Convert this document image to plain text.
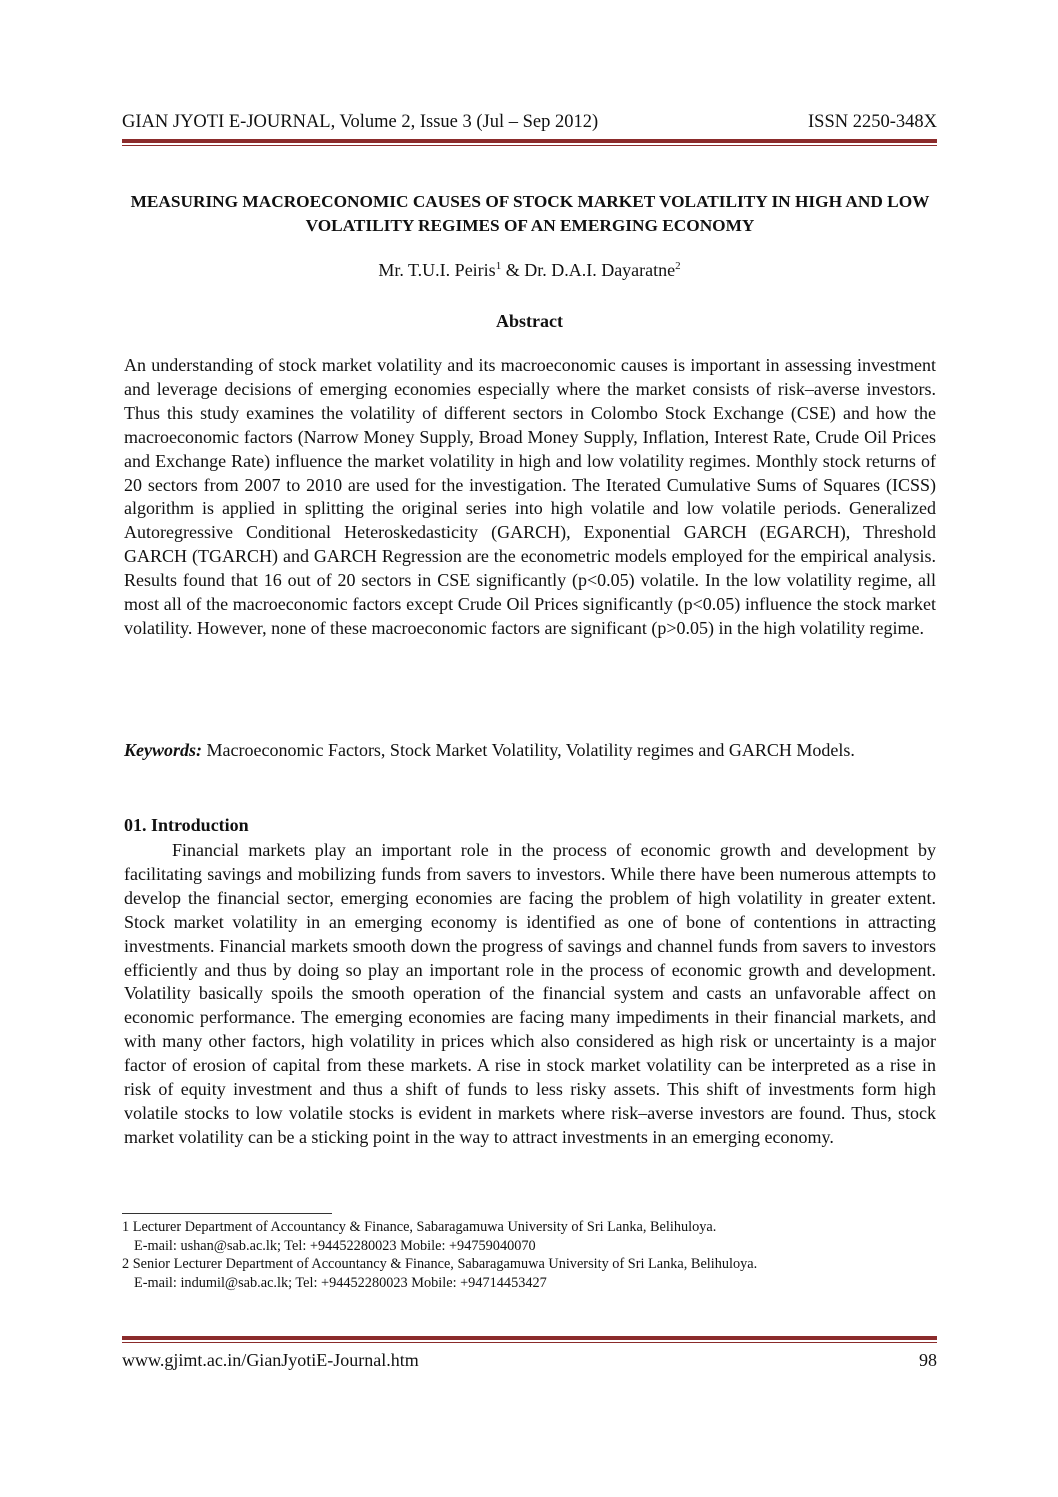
GIAN JYOTI E-JOURNAL, Volume 2, Issue 3 (Jul – Sep 2012)	ISSN 2250-348X
MEASURING MACROECONOMIC CAUSES OF STOCK MARKET VOLATILITY IN HIGH AND LOW VOLATILITY REGIMES OF AN EMERGING ECONOMY
Mr. T.U.I. Peiris$^1$ & Dr. D.A.I. Dayaratne$^2$
Abstract

An understanding of stock market volatility and its macroeconomic causes is important in assessing investment and leverage decisions of emerging economies especially where the market consists of risk–averse investors. Thus this study examines the volatility of different sectors in Colombo Stock Exchange (CSE) and how the macroeconomic factors (Narrow Money Supply, Broad Money Supply, Inflation, Interest Rate, Crude Oil Prices and Exchange Rate) influence the market volatility in high and low volatility regimes. Monthly stock returns of 20 sectors from 2007 to 2010 are used for the investigation. The Iterated Cumulative Sums of Squares (ICSS) algorithm is applied in splitting the original series into high volatile and low volatile periods. Generalized Autoregressive Conditional Heteroskedasticity (GARCH), Exponential GARCH (EGARCH), Threshold GARCH (TGARCH) and GARCH Regression are the econometric models employed for the empirical analysis. Results found that 16 out of 20 sectors in CSE significantly (p<0.05) volatile. In the low volatility regime, all most all of the macroeconomic factors except Crude Oil Prices significantly (p<0.05) influence the stock market volatility. However, none of these macroeconomic factors are significant (p>0.05) in the high volatility regime.

Keywords: Macroeconomic Factors, Stock Market Volatility, Volatility regimes and GARCH Models.

01. Introduction

Financial markets play an important role in the process of economic growth and development by facilitating savings and mobilizing funds from savers to investors. While there have been numerous attempts to develop the financial sector, emerging economies are facing the problem of high volatility in greater extent. Stock market volatility in an emerging economy is identified as one of bone of contentions in attracting investments. Financial markets smooth down the progress of savings and channel funds from savers to investors efficiently and thus by doing so play an important role in the process of economic growth and development. Volatility basically spoils the smooth operation of the financial system and casts an unfavorable affect on economic performance. The emerging economies are facing many impediments in their financial markets, and with many other factors, high volatility in prices which also considered as high risk or uncertainty is a major factor of erosion of capital from these markets. A rise in stock market volatility can be interpreted as a rise in risk of equity investment and thus a shift of funds to less risky assets. This shift of investments form high volatile stocks to low volatile stocks is evident in markets where risk–averse investors are found. Thus, stock market volatility can be a sticking point in the way to attract investments in an emerging economy.

1 Lecturer Department of Accountancy & Finance, Sabaragamuwa University of Sri Lanka, Belihuloya.
E-mail: ushan@sab.ac.lk; Tel: +94452280023 Mobile: +94759040070
2 Senior Lecturer Department of Accountancy & Finance, Sabaragamuwa University of Sri Lanka, Belihuloya.
E-mail: indumil@sab.ac.lk; Tel: +94452280023 Mobile: +94714453427
www.gjimt.ac.in/GianJyotiE-Journal.htm	98
